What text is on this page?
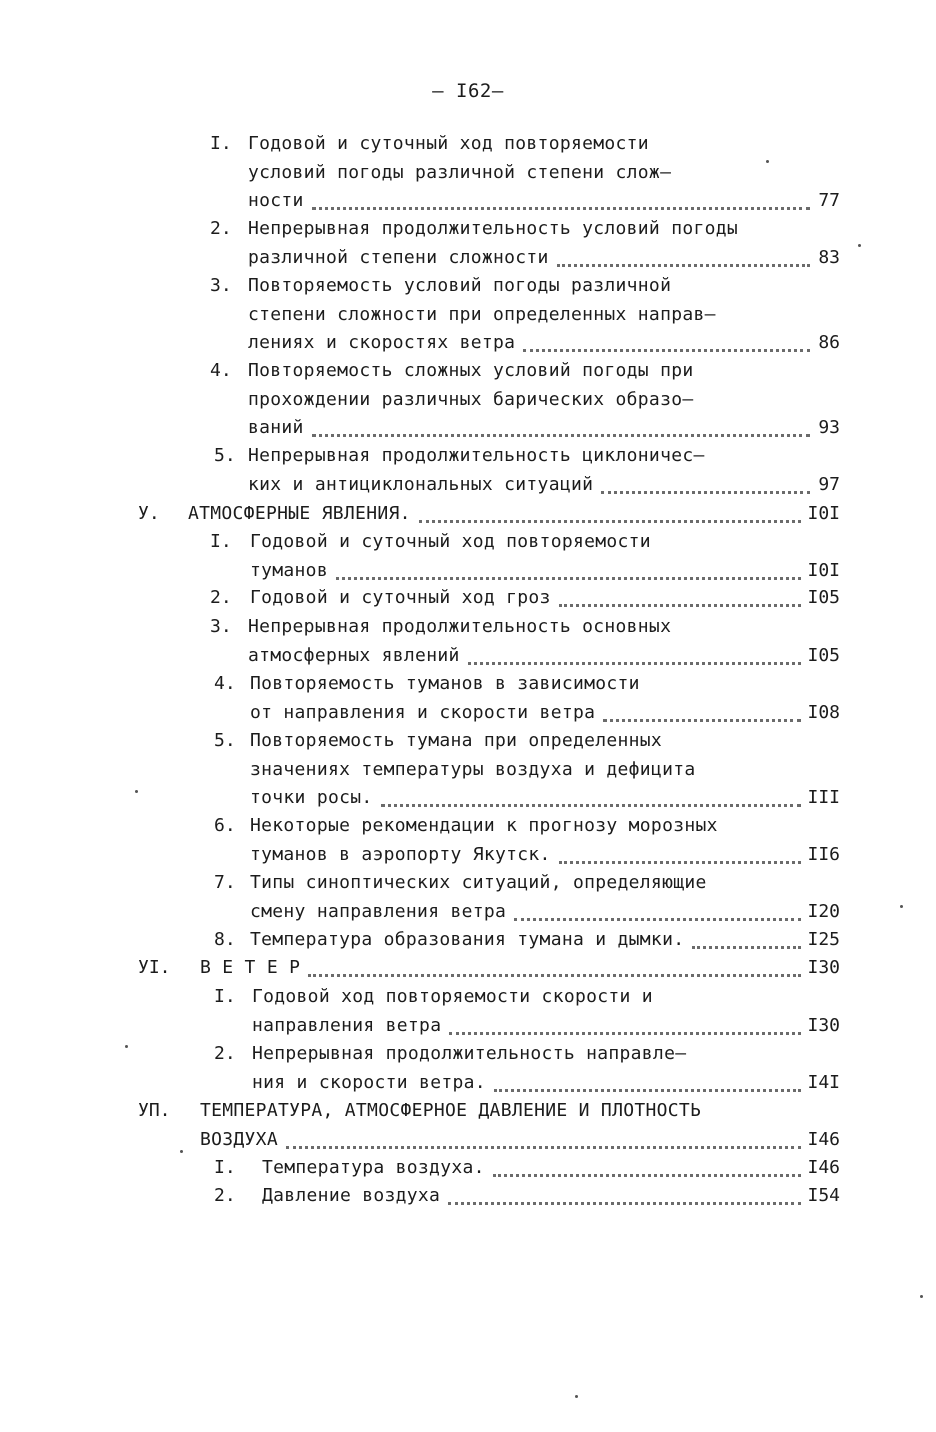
– I62–
I. Годовой и суточный ход повторяемости
условий погоды различной степени слож–
ности	77
2. Непрерывная продолжительность условий погоды
различной степени сложности	83
3. Повторяемость условий погоды различной
степени сложности при определенных направ–
лениях и скоростях ветра	86
4. Повторяемость сложных условий погоды при
прохождении различных барических образо–
ваний	93
5. Непрерывная продолжительность циклоничес–
ких и антициклональных ситуаций	97
У. АТМОСФЕРНЫЕ ЯВЛЕНИЯ.	I0I
I. Годовой и суточный ход повторяемости
туманов	I0I
2. Годовой и суточный ход гроз	I05
3. Непрерывная продолжительность основных
атмосферных явлений	I05
4. Повторяемость туманов в зависимости
от направления и скорости ветра	I08
5. Повторяемость тумана при определенных
значениях температуры воздуха и дефицита
точки росы.	III
6. Некоторые рекомендации к прогнозу морозных
туманов в аэропорту Якутск.	II6
7. Типы синоптических ситуаций, определяющие
смену направления ветра	I20
8. Температура образования тумана и дымки.	I25
УI. В Е Т Е Р	I30
I. Годовой ход повторяемости скорости и
направления ветра	I30
2. Непрерывная продолжительность направле–
ния и скорости ветра.	I4I
УП. ТЕМПЕРАТУРА, АТМОСФЕРНОЕ ДАВЛЕНИЕ И ПЛОТНОСТЬ
ВОЗДУХА	I46
I. Температура воздуха.	I46
2. Давление воздуха	I54
